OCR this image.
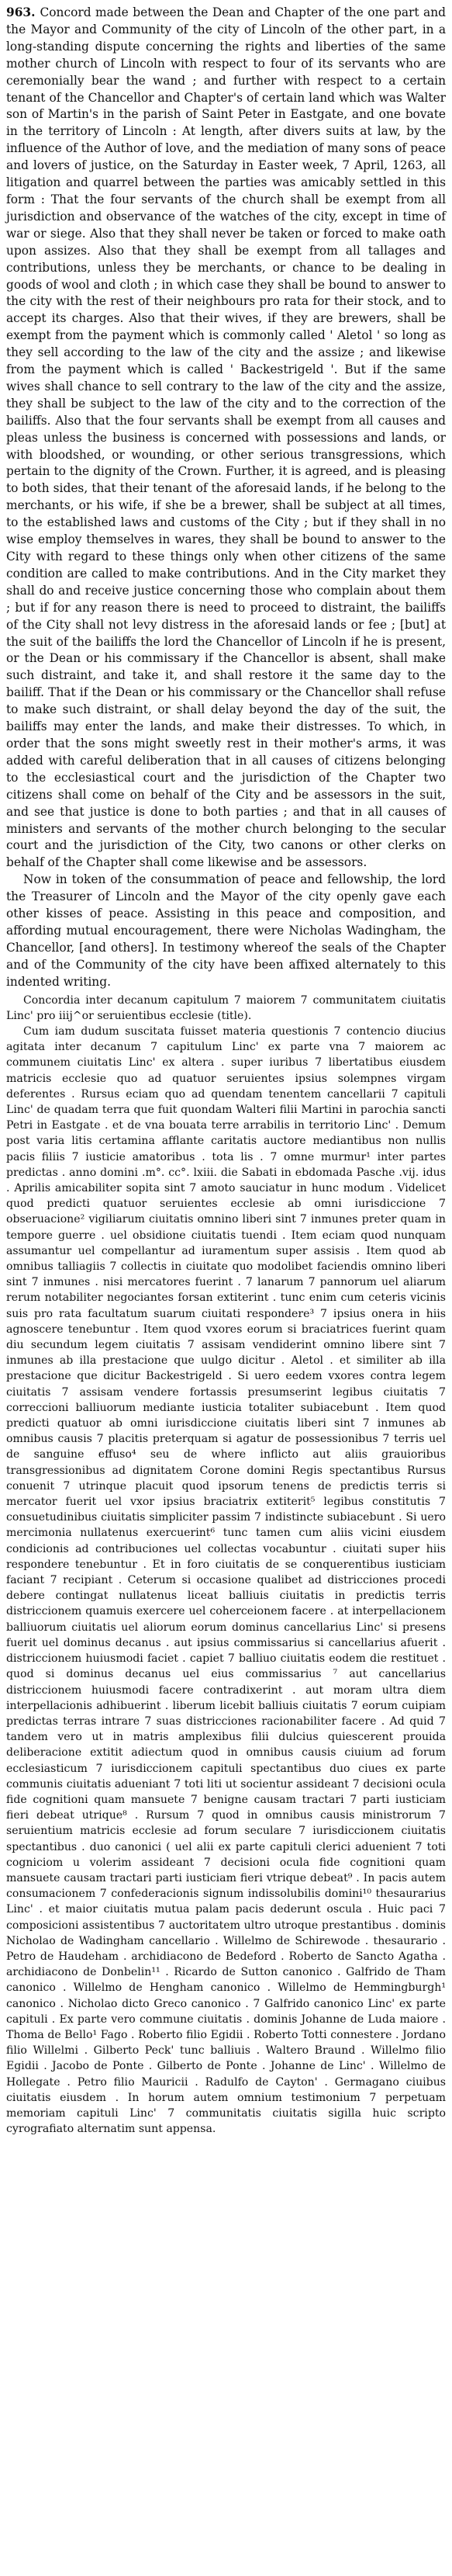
963. Concord made between the Dean and Chapter of the one part and the Mayor and Community of the city of Lincoln of the other part, in a long-standing dispute concerning the rights and liberties of the same mother church of Lincoln with respect to four of its servants who are ceremonially bear the wand ; and further with respect to a certain tenant of the Chancellor and Chapter's of certain land which was Walter son of Martin's in the parish of Saint Peter in Eastgate, and one bovate in the territory of Lincoln : At length, after divers suits at law, by the influence of the Author of love, and the mediation of many sons of peace and lovers of justice, on the Saturday in Easter week, 7 April, 1263, all litigation and quarrel between the parties was amicably settled in this form : That the four servants of the church shall be exempt from all jurisdiction and observance of the watches of the city, except in time of war or siege. Also that they shall never be taken or forced to make oath upon assizes. Also that they shall be exempt from all tallages and contributions, unless they be merchants, or chance to be dealing in goods of wool and cloth ; in which case they shall be bound to answer to the city with the rest of their neighbours pro rata for their stock, and to accept its charges. Also that their wives, if they are brewers, shall be exempt from the payment which is commonly called ' Aletol ' so long as they sell according to the law of the city and the assize ; and likewise from the payment which is called ' Backestrigeld '. But if the same wives shall chance to sell contrary to the law of the city and the assize, they shall be subject to the law of the city and to the correction of the bailiffs. Also that the four servants shall be exempt from all causes and pleas unless the business is concerned with possessions and lands, or with bloodshed, or wounding, or other serious transgressions, which pertain to the dignity of the Crown. Further, it is agreed, and is pleasing to both sides, that their tenant of the aforesaid lands, if he belong to the merchants, or his wife, if she be a brewer, shall be subject at all times, to the established laws and customs of the City ; but if they shall in no wise employ themselves in wares, they shall be bound to answer to the City with regard to these things only when other citizens of the same condition are called to make contributions. And in the City market they shall do and receive justice concerning those who complain about them ; but if for any reason there is need to proceed to distraint, the bailiffs of the City shall not levy distress in the aforesaid lands or fee ; [but] at the suit of the bailiffs the lord the Chancellor of Lincoln if he is present, or the Dean or his commissary if the Chancellor is absent, shall make such distraint, and take it, and shall restore it the same day to the bailiff. That if the Dean or his commissary or the Chancellor shall refuse to make such distraint, or shall delay beyond the day of the suit, the bailiffs may enter the lands, and make their distresses. To which, in order that the sons might sweetly rest in their mother's arms, it was added with careful deliberation that in all causes of citizens belonging to the ecclesiastical court and the jurisdiction of the Chapter two citizens shall come on behalf of the City and be assessors in the suit, and see that justice is done to both parties ; and that in all causes of ministers and servants of the mother church belonging to the secular court and the jurisdiction of the City, two canons or other clerks on behalf of the Chapter shall come likewise and be assessors.

Now in token of the consummation of peace and fellowship, the lord the Treasurer of Lincoln and the Mayor of the city openly gave each other kisses of peace. Assisting in this peace and composition, and affording mutual encouragement, there were Nicholas Wadingham, the Chancellor, [and others]. In testimony whereof the seals of the Chapter and of the Community of the city have been affixed alternately to this indented writing.

Concordia inter decanum capitulum 7 maiorem 7 communitatem ciuitatis Linc' pro iiij^or seruientibus ecclesie (title).

Cum iam dudum suscitata fuisset materia questionis 7 contencio diucius agitata inter decanum 7 capitulum Linc' ex parte vna 7 maiorem ac communem ciuitatis Linc' ex altera . super iuribus 7 libertatibus eiusdem matricis ecclesie quo ad quatuor seruientes ipsius solempnes virgam deferentes . Rursus eciam quo ad quendam tenentem cancellarii 7 capituli Linc' de quadam terra que fuit quondam Walteri filii Martini in parochia sancti Petri in Eastgate . et de vna bouata terre arrabilis in territorio Linc' . Demum post varia litis certamina afflante caritatis auctore mediantibus non nullis pacis filiis 7 iusticie amatoribus . tota lis . 7 omne murmur¹ inter partes predictas . anno domini .m°. cc°. lxiii. die Sabati in ebdomada Pasche .vij. idus . Aprilis amicabiliter sopita sint 7 amoto sauciatur in hunc modum . Videlicet quod predicti quatuor seruientes ecclesie ab omni iurisdiccione 7 obseruacione² vigiliarum ciuitatis omnino liberi sint 7 inmunes preter quam in tempore guerre . uel obsidione ciuitatis tuendi . Item eciam quod nunquam assumantur uel compellantur ad iuramentum super assisis . Item quod ab omnibus talliagiis 7 collectis in ciuitate quo modolibet faciendis omnino liberi sint 7 inmunes . nisi mercatores fuerint . 7 lanarum 7 pannorum uel aliarum rerum notabiliter negociantes forsan extiterint . tunc enim cum ceteris vicinis suis pro rata facultatum suarum ciuitati respondere³ 7 ipsius onera in hiis agnoscere tenebuntur . Item quod vxores eorum si braciatrices fuerint quam diu secundum legem ciuitatis 7 assisam vendiderint omnino libere sint 7 inmunes ab illa prestacione que uulgo dicitur . Aletol . et similiter ab illa prestacione que dicitur Backestrigeld . Si uero eedem vxores contra legem ciuitatis 7 assisam vendere fortassis presumserint legibus ciuitatis 7 correccioni balliuorum mediante iusticia totaliter subiacebunt . Item quod predicti quatuor ab omni iurisdiccione ciuitatis liberi sint 7 inmunes ab omnibus causis 7 placitis preterquam si agatur de possessionibus 7 terris uel de sanguine effuso⁴ seu de where inflicto aut aliis grauioribus transgressionibus ad dignitatem Corone domini Regis spectantibus Rursus conuenit 7 utrinque placuit quod ipsorum tenens de predictis terris si mercator fuerit uel vxor ipsius braciatrix extiterit⁵ legibus constitutis 7 consuetudinibus ciuitatis simpliciter passim 7 indistincte subiacebunt . Si uero mercimonia nullatenus exercuerint⁶ tunc tamen cum aliis vicini eiusdem condicionis ad contribuciones uel collectas vocabuntur . ciuitati super hiis respondere tenebuntur . Et in foro ciuitatis de se conquerentibus iusticiam faciant 7 recipiant . Ceterum si occasione qualibet ad districciones procedi debere contingat nullatenus liceat balliuis ciuitatis in predictis terris districcionem quamuis exercere uel coherceionem facere . at interpellacionem balliuorum ciuitatis uel aliorum eorum dominus cancellarius Linc' si presens fuerit uel dominus decanus . aut ipsius commissarius si cancellarius afuerit . districcionem huiusmodi faciet . capiet 7 balliuo ciuitatis eodem die restituet . quod si dominus decanus uel eius commissarius ⁷ aut cancellarius districcionem huiusmodi facere contradixerint . aut moram ultra diem interpellacionis adhibuerint . liberum licebit balliuis ciuitatis 7 eorum cuipiam predictas terras intrare 7 suas districciones racionabiliter facere . Ad quid 7 tandem vero ut in matris amplexibus filii dulcius quiescerent prouida deliberacione extitit adiectum quod in omnibus causis ciuium ad forum ecclesiasticum 7 iurisdiccionem capituli spectantibus duo ciues ex parte communis ciuitatis adueniant 7 toti liti ut socientur assideant 7 decisioni ocula fide cognitioni quam mansuete 7 benigne causam tractari 7 parti iusticiam fieri debeat utrique⁸ . Rursum 7 quod in omnibus causis ministrorum 7 seruientium matricis ecclesie ad forum seculare 7 iurisdiccionem ciuitatis spectantibus . duo canonici ( uel alii ex parte capituli clerici aduenient 7 toti cogniciom u volerim assideant 7 decisioni ocula fide cognitioni quam mansuete causam tractari parti iusticiam fieri vtrique debeat⁹ . In pacis autem consumacionem 7 confederacionis signum indissolubilis domini¹⁰ thesaurarius Linc' . et maior ciuitatis mutua palam pacis dederunt oscula . Huic paci 7 composicioni assistentibus 7 auctoritatem ultro utroque prestantibus . dominis Nicholao de Wadingham cancellario . Willelmo de Schirewode . thesaurario . Petro de Haudeham . archidiacono de Bedeford . Roberto de Sancto Agatha . archidiacono de Donbelin¹¹ . Ricardo de Sutton canonico . Galfrido de Tham canonico . Willelmo de Hengham canonico . Willelmo de Hemmingburgh¹ canonico . Nicholao dicto Greco canonico . 7 Galfrido canonico Linc' ex parte capituli . Ex parte vero commune ciuitatis . dominis Johanne de Luda maiore . Thoma de Bello¹ Fago . Roberto filio Egidii . Roberto Totti connestere . Jordano filio Willelmi . Gilberto Peck' tunc balliuis . Waltero Braund . Willelmo filio Egidii . Jacobo de Ponte . Gilberto de Ponte . Johanne de Linc' . Willelmo de Hollegate . Petro filio Mauricii . Radulfo de Cayton' . Germagano ciuibus ciuitatis eiusdem . In horum autem omnium testimonium 7 perpetuam memoriam capituli Linc' 7 communitatis ciuitatis sigilla huic scripto cyrografiato alternatim sunt appensa.
